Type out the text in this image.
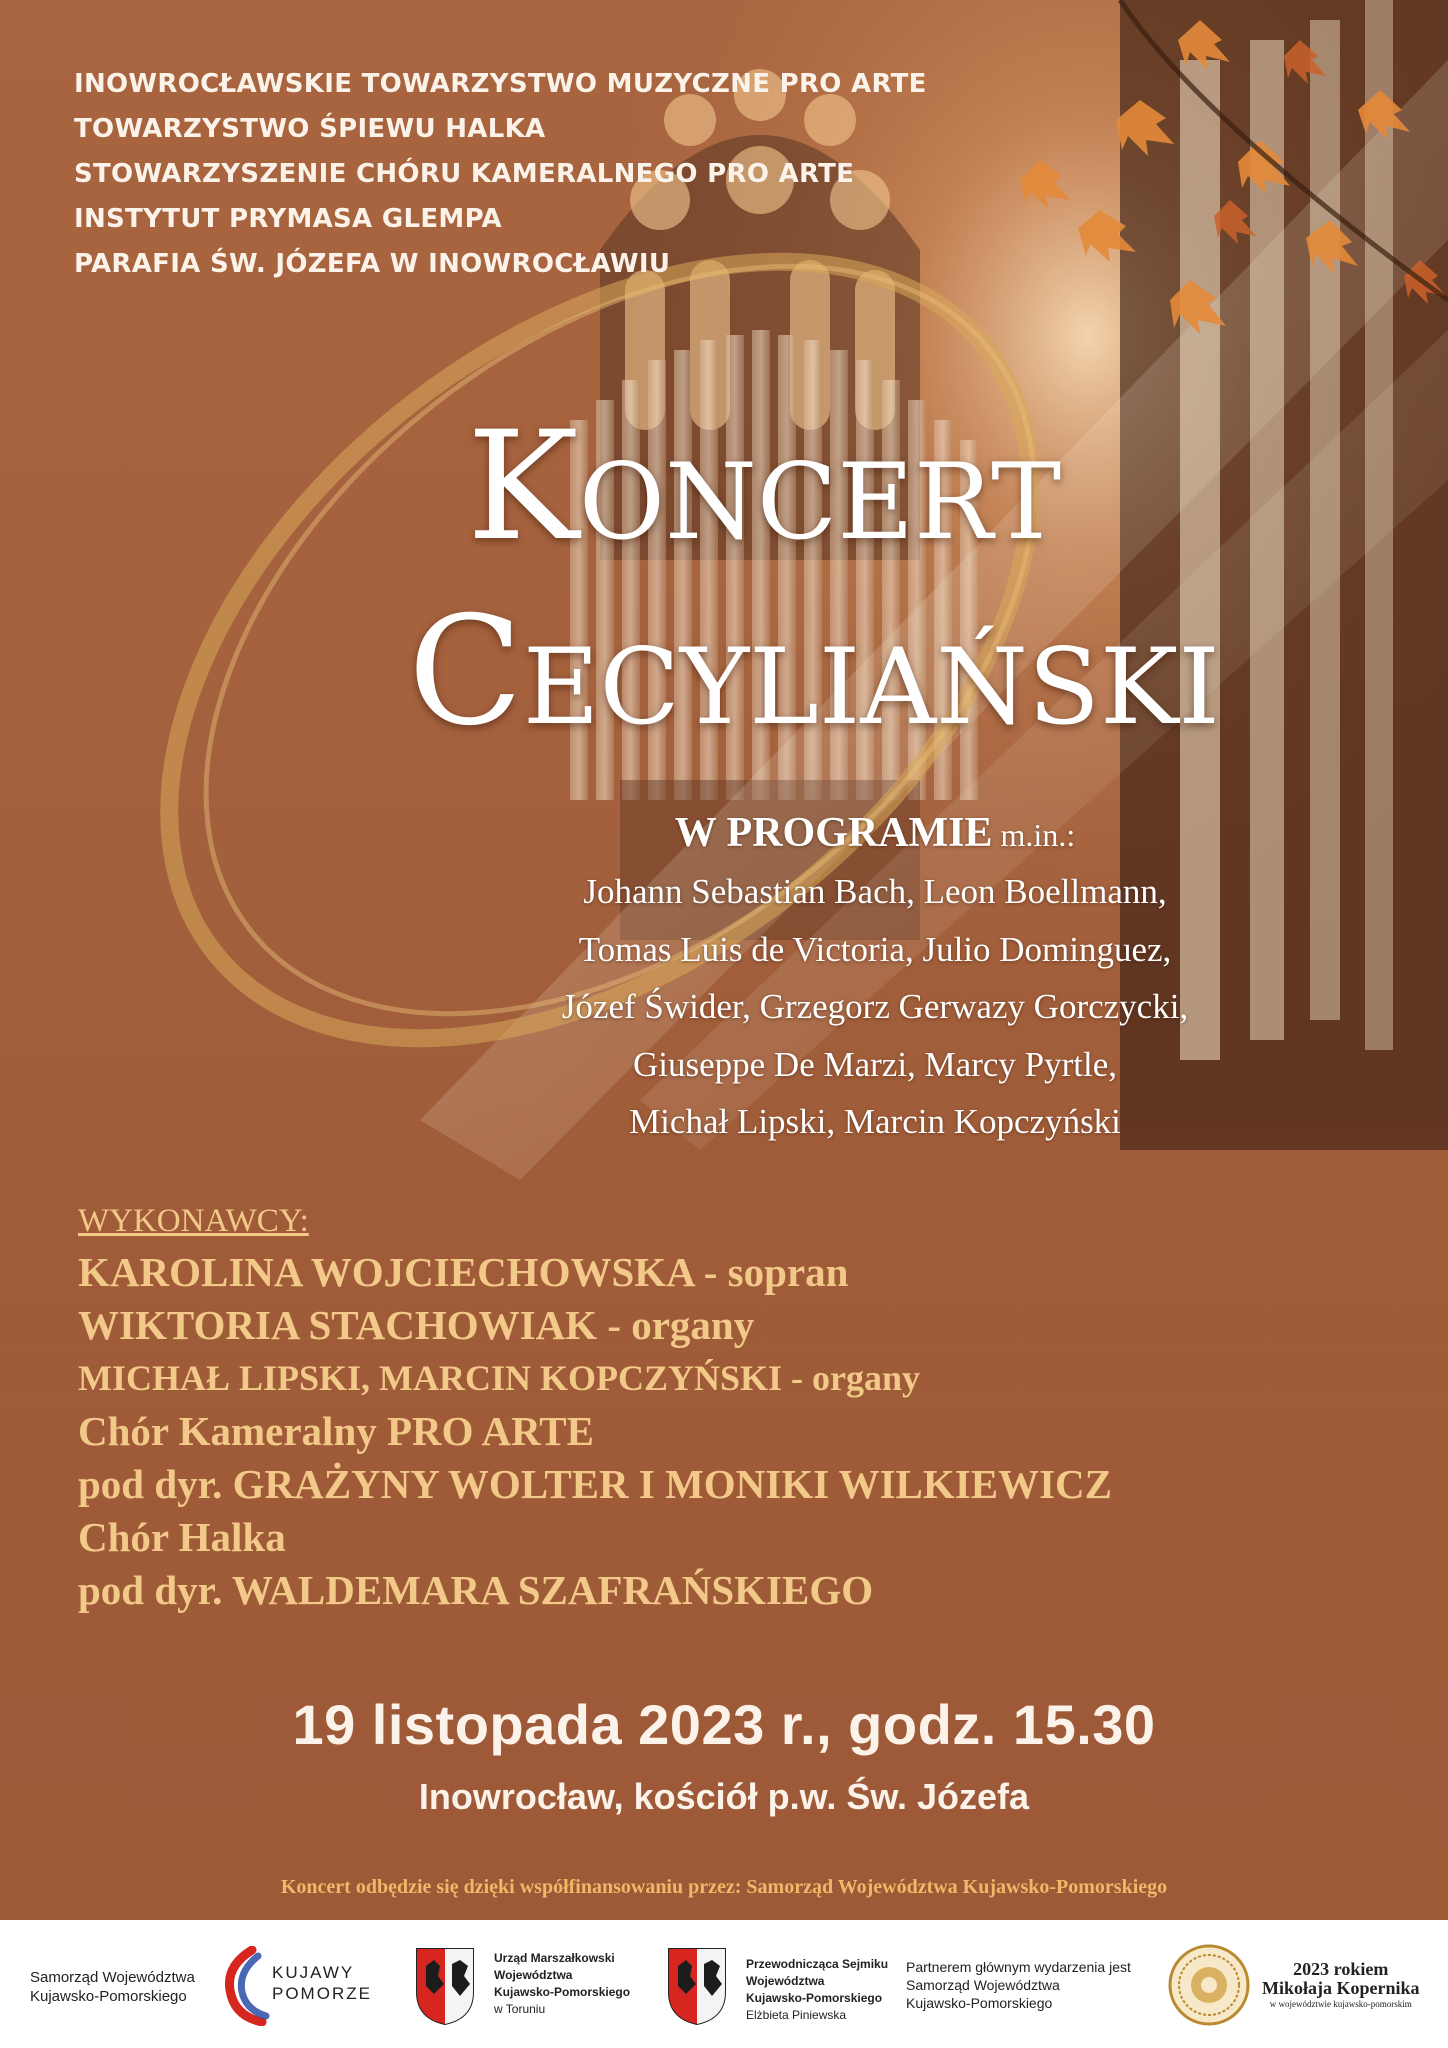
INOWROCŁAWSKIE TOWARZYSTWO MUZYCZNE PRO ARTE
TOWARZYSTWO ŚPIEWU HALKA
STOWARZYSZENIE CHÓRU KAMERALNEGO PRO ARTE
INSTYTUT PRYMASA GLEMPA
PARAFIA ŚW. JÓZEFA W INOWROCŁAWIU
Koncert
Cecyliański
W PROGRAMIE m.in.:
Johann Sebastian Bach, Leon Boellmann,
Tomas Luis de Victoria, Julio Dominguez,
Józef Świder, Grzegorz Gerwazy Gorczycki,
Giuseppe De Marzi, Marcy Pyrtle,
Michał Lipski, Marcin Kopczyński
WYKONAWCY:
KAROLINA WOJCIECHOWSKA - sopran
WIKTORIA STACHOWIAK - organy
MICHAŁ LIPSKI, MARCIN KOPCZYŃSKI - organy
Chór Kameralny PRO ARTE
pod dyr. GRAŻYNY WOLTER I MONIKI WILKIEWICZ
Chór Halka
pod dyr. WALDEMARA SZAFRAŃSKIEGO
19 listopada 2023 r., godz. 15.30
Inowrocław, kościół p.w. Św. Józefa
Koncert odbędzie się dzięki współfinansowaniu przez: Samorząd Województwa Kujawsko-Pomorskiego
Samorząd Województwa
Kujawsko-Pomorskiego
KUJAWY
POMORZE
Urząd Marszałkowski
Województwa
Kujawsko-Pomorskiego
w Toruniu
Przewodnicząca Sejmiku
Województwa
Kujawsko-Pomorskiego
Elżbieta Piniewska
Partnerem głównym wydarzenia jest
Samorząd Województwa
Kujawsko-Pomorskiego
2023 rokiem
Mikołaja Kopernika
w województwie kujawsko-pomorskim
